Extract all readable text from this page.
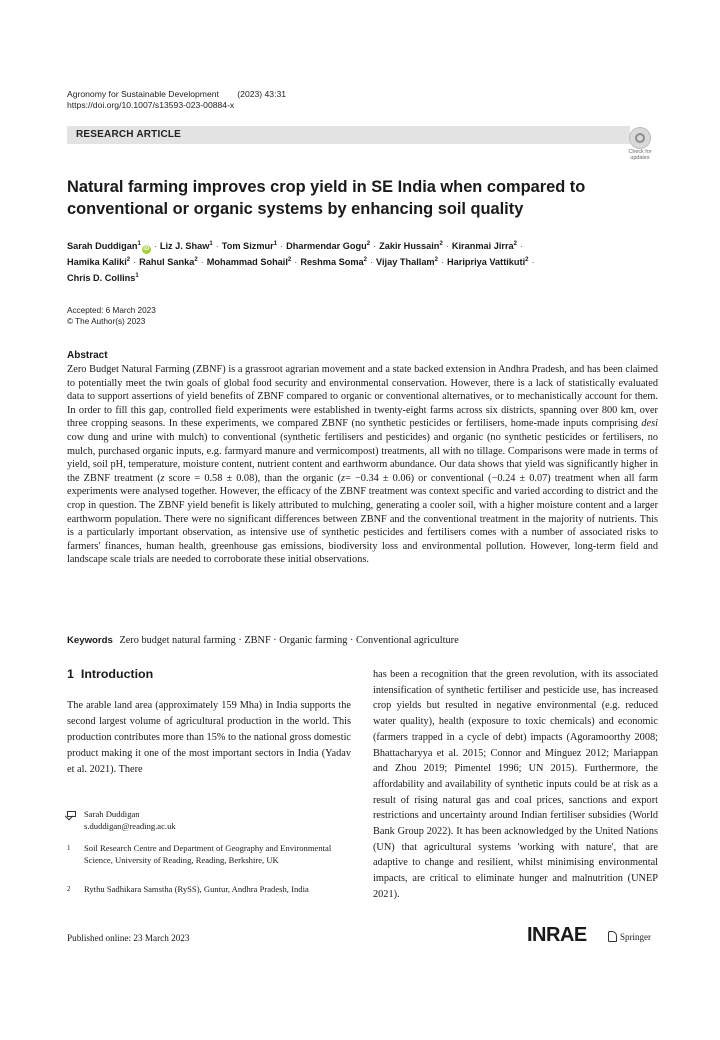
Agronomy for Sustainable Development (2023) 43:31
https://doi.org/10.1007/s13593-023-00884-x
RESEARCH ARTICLE
Check for
updates
Natural farming improves crop yield in SE India when compared to conventional or organic systems by enhancing soil quality
Sarah Duddigan$^1$iD · Liz J. Shaw$^1$ · Tom Sizmur$^1$ · Dharmendar Gogu$^2$ · Zakir Hussain$^2$ · Kiranmai Jirra$^2$ ·
Hamika Kaliki$^2$ · Rahul Sanka$^2$ · Mohammad Sohail$^2$ · Reshma Soma$^2$ · Vijay Thallam$^2$ · Haripriya Vattikuti$^2$ ·
Chris D. Collins$^1$
Accepted: 6 March 2023
© The Author(s) 2023
Abstract
Zero Budget Natural Farming (ZBNF) is a grassroot agrarian movement and a state backed extension in Andhra Pradesh, and has been claimed to potentially meet the twin goals of global food security and environmental conservation. However, there is a lack of statistically evaluated data to support assertions of yield benefits of ZBNF compared to organic or conventional alternatives, or to mechanistically account for them. In order to fill this gap, controlled field experiments were established in twenty-eight farms across six districts, spanning over 800 km, over three cropping seasons. In these experiments, we compared ZBNF (no synthetic pesticides or fertilisers, home-made inputs comprising desi cow dung and urine with mulch) to conventional (synthetic fertilisers and pesticides) and organic (no synthetic pesticides or fertilisers, no mulch, purchased organic inputs, e.g. farmyard manure and vermicompost) treatments, all with no tillage. Comparisons were made in terms of yield, soil pH, temperature, moisture content, nutrient content and earthworm abundance. Our data shows that yield was significantly higher in the ZBNF treatment (z score = 0.58 ± 0.08), than the organic (z= −0.34 ± 0.06) or conventional (−0.24 ± 0.07) treatment when all farm experiments were analysed together. However, the efficacy of the ZBNF treatment was context specific and varied according to district and the crop in question. The ZBNF yield benefit is likely attributed to mulching, generating a cooler soil, with a higher moisture content and a larger earthworm population. There were no significant differences between ZBNF and the conventional treatment in the majority of nutrients. This is a particularly important observation, as intensive use of synthetic pesticides and fertilisers comes with a number of associated risks to farmers' finances, human health, greenhouse gas emissions, biodiversity loss and environmental pollution. However, long-term field and landscape scale trials are needed to corroborate these initial observations.
Keywords Zero budget natural farming · ZBNF · Organic farming · Conventional agriculture
1 Introduction
The arable land area (approximately 159 Mha) in India supports the second largest volume of agricultural production in the world. This production contributes more than 15% to the national gross domestic product making it one of the most important sectors in India (Yadav et al. 2021). There
has been a recognition that the green revolution, with its associated intensification of synthetic fertiliser and pesticide use, has increased crop yields but resulted in negative environmental (e.g. reduced water quality), health (exposure to toxic chemicals) and economic (farmers trapped in a cycle of debt) impacts (Agoramoorthy 2008; Bhattacharyya et al. 2015; Connor and Mínguez 2012; Mariappan and Zhou 2019; Pimentel 1996; UN 2015). Furthermore, the affordability and availability of synthetic inputs could be at risk as a result of rising natural gas and coal prices, sanctions and export restrictions and uncertainty around Indian fertiliser subsidies (World Bank Group 2022). It has been acknowledged by the United Nations (UN) that agricultural systems 'working with nature', that are adaptive to change and resilient, whilst minimising environmental impacts, are critical to eliminate hunger and malnutrition (UNEP 2021).
Sarah Duddigan
s.duddigan@reading.ac.uk
1	Soil Research Centre and Department of Geography and Environmental Science, University of Reading, Reading, Berkshire, UK
2	Rythu Sadhikara Samstha (RySS), Guntur, Andhra Pradesh, India
Published online: 23 March 2023	INRAE	Springer
